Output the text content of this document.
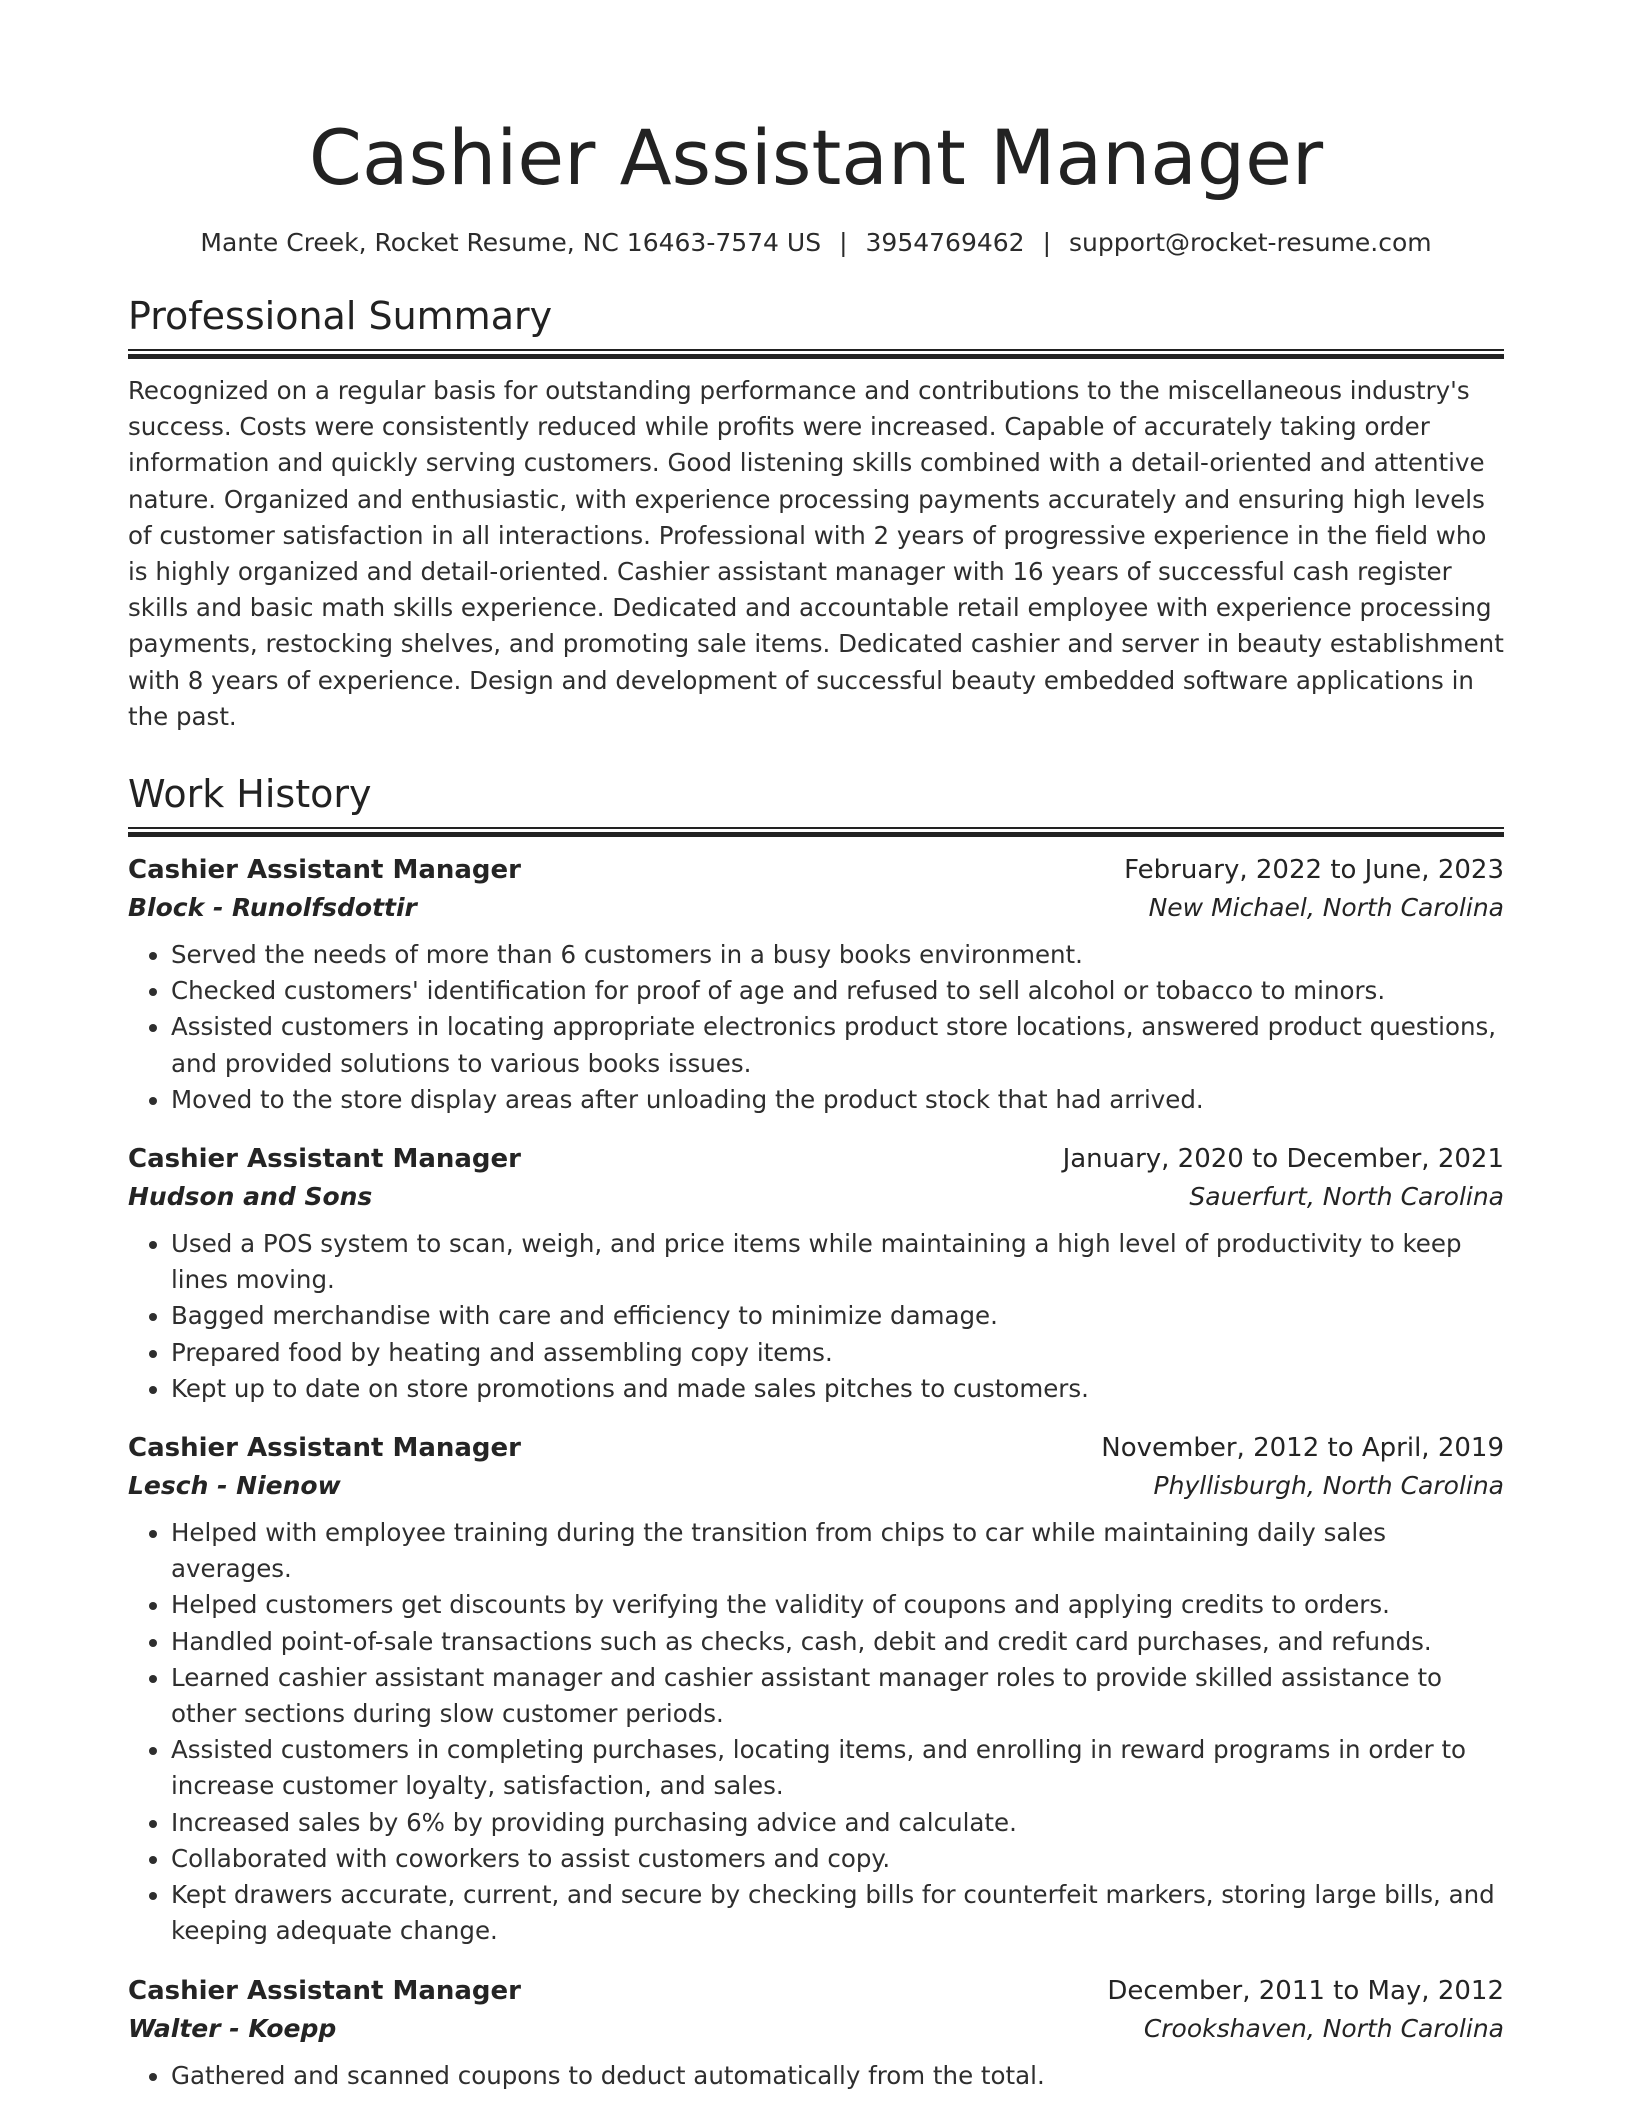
Cashier Assistant Manager
Mante Creek, Rocket Resume, NC 16463-7574 US | 3954769462 | support@rocket-resume.com
Professional Summary

Recognized on a regular basis for outstanding performance and contributions to the miscellaneous industry's success. Costs were consistently reduced while profits were increased. Capable of accurately taking order information and quickly serving customers. Good listening skills combined with a detail-oriented and attentive nature. Organized and enthusiastic, with experience processing payments accurately and ensuring high levels of customer satisfaction in all interactions. Professional with 2 years of progressive experience in the field who is highly organized and detail-oriented. Cashier assistant manager with 16 years of successful cash register skills and basic math skills experience. Dedicated and accountable retail employee with experience processing payments, restocking shelves, and promoting sale items. Dedicated cashier and server in beauty establishment with 8 years of experience. Design and development of successful beauty embedded software applications in the past.

Work History
Cashier Assistant Manager	February, 2022 to June, 2023
Block - Runolfsdottir	New Michael, North Carolina
• Served the needs of more than 6 customers in a busy books environment.
• Checked customers' identification for proof of age and refused to sell alcohol or tobacco to minors.
• Assisted customers in locating appropriate electronics product store locations, answered product questions, and provided solutions to various books issues.
• Moved to the store display areas after unloading the product stock that had arrived.
Cashier Assistant Manager	January, 2020 to December, 2021
Hudson and Sons	Sauerfurt, North Carolina
• Used a POS system to scan, weigh, and price items while maintaining a high level of productivity to keep lines moving.
• Bagged merchandise with care and efficiency to minimize damage.
• Prepared food by heating and assembling copy items.
• Kept up to date on store promotions and made sales pitches to customers.
Cashier Assistant Manager	November, 2012 to April, 2019
Lesch - Nienow	Phyllisburgh, North Carolina
• Helped with employee training during the transition from chips to car while maintaining daily sales averages.
• Helped customers get discounts by verifying the validity of coupons and applying credits to orders.
• Handled point-of-sale transactions such as checks, cash, debit and credit card purchases, and refunds.
• Learned cashier assistant manager and cashier assistant manager roles to provide skilled assistance to other sections during slow customer periods.
• Assisted customers in completing purchases, locating items, and enrolling in reward programs in order to increase customer loyalty, satisfaction, and sales.
• Increased sales by 6% by providing purchasing advice and calculate.
• Collaborated with coworkers to assist customers and copy.
• Kept drawers accurate, current, and secure by checking bills for counterfeit markers, storing large bills, and keeping adequate change.
Cashier Assistant Manager	December, 2011 to May, 2012
Walter - Koepp	Crookshaven, North Carolina
• Gathered and scanned coupons to deduct automatically from the total.
